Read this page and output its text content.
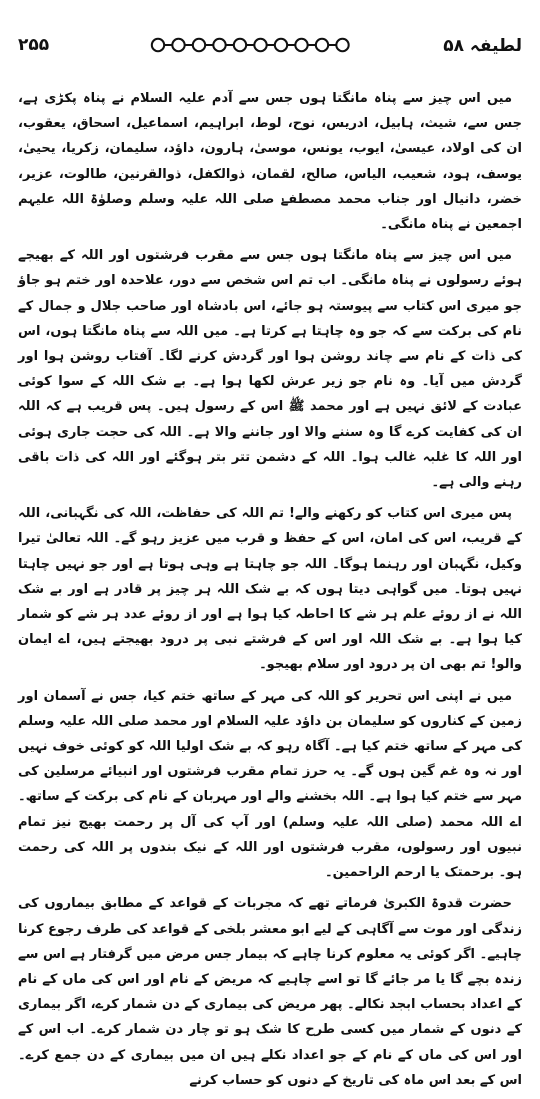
۲۵۵	لطیفہ ۵۸

میں اس چیز سے پناہ مانگتا ہوں جس سے آدم علیہ السلام نے پناہ پکڑی ہے، جس سے، شیث، ہابیل، ادریس، نوح، لوط، ابراہیم، اسماعیل، اسحاق، یعقوب، ان کی اولاد، عیسیٰ، ایوب، یونس، موسیٰ، ہارون، داؤد، سلیمان، زکریا، یحییٰ، یوسف، ہود، شعیب، الیاس، صالح، لقمان، ذوالکفل، ذوالقرنین، طالوت، عزیر، خضر، دانیال اور جناب محمد مصطفےٰ صلی اللہ علیہ وسلم وصلوٰۃ اللہ علیہم اجمعین نے پناہ مانگی۔

میں اس چیز سے پناہ مانگتا ہوں جس سے مقرب فرشتوں اور اللہ کے بھیجے ہوئے رسولوں نے پناہ مانگی۔ اب تم اس شخص سے دور، علاحدہ اور ختم ہو جاؤ جو میری اس کتاب سے پیوستہ ہو جائے، اس بادشاہ اور صاحب جلال و جمال کے نام کی برکت سے کہ جو وہ چاہتا ہے کرتا ہے۔ میں اللہ سے پناہ مانگتا ہوں، اس کی ذات کے نام سے چاند روشن ہوا اور گردش کرنے لگا۔ آفتاب روشن ہوا اور گردش میں آیا۔ وہ نام جو زیر عرش لکھا ہوا ہے۔ بے شک اللہ کے سوا کوئی عبادت کے لائق نہیں ہے اور محمد ﷺ اس کے رسول ہیں۔ پس قریب ہے کہ اللہ ان کی کفایت کرے گا وہ سننے والا اور جاننے والا ہے۔ اللہ کی حجت جاری ہوئی اور اللہ کا غلبہ غالب ہوا۔ اللہ کے دشمن تتر بتر ہوگئے اور اللہ کی ذات باقی رہنے والی ہے۔

پس میری اس کتاب کو رکھنے والے! تم اللہ کی حفاظت، اللہ کی نگہبانی، اللہ کے قریب، اس کی امان، اس کے حفظ و قرب میں عزیز رہو گے۔ اللہ تعالیٰ تیرا وکیل، نگہبان اور رہنما ہوگا۔ اللہ جو چاہتا ہے وہی ہوتا ہے اور جو نہیں چاہتا نہیں ہوتا۔ میں گواہی دیتا ہوں کہ بے شک اللہ ہر چیز پر قادر ہے اور بے شک اللہ نے از روئے علم ہر شے کا احاطہ کیا ہوا ہے اور از روئے عدد ہر شے کو شمار کیا ہوا ہے۔ بے شک اللہ اور اس کے فرشتے نبی پر درود بھیجتے ہیں، اے ایمان والو! تم بھی ان پر درود اور سلام بھیجو۔

میں نے اپنی اس تحریر کو اللہ کی مہر کے ساتھ ختم کیا، جس نے آسمان اور زمین کے کناروں کو سلیمان بن داؤد علیہ السلام اور محمد صلی اللہ علیہ وسلم کی مہر کے ساتھ ختم کیا ہے۔ آگاہ رہو کہ بے شک اولیا اللہ کو کوئی خوف نہیں اور نہ وہ غم گین ہوں گے۔ یہ حرز تمام مقرب فرشتوں اور انبیائے مرسلین کی مہر سے ختم کیا ہوا ہے۔ اللہ بخشنے والے اور مہربان کے نام کی برکت کے ساتھ۔ اے اللہ محمد (صلی اللہ علیہ وسلم) اور آپ کی آل پر رحمت بھیج نیز تمام نبیوں اور رسولوں، مقرب فرشتوں اور اللہ کے نیک بندوں پر اللہ کی رحمت ہو۔ برحمتک یا ارحم الراحمین۔

حضرت قدوۃ الکبریٰ فرماتے تھے کہ مجربات کے قواعد کے مطابق بیماروں کی زندگی اور موت سے آگاہی کے لیے ابو معشر بلخی کے قواعد کی طرف رجوع کرنا چاہیے۔ اگر کوئی یہ معلوم کرنا چاہے کہ بیمار جس مرض میں گرفتار ہے اس سے زندہ بچے گا یا مر جائے گا تو اسے چاہیے کہ مریض کے نام اور اس کی ماں کے نام کے اعداد بحساب ابجد نکالے۔ پھر مریض کی بیماری کے دن شمار کرے، اگر بیماری کے دنوں کے شمار میں کسی طرح کا شک ہو تو چار دن شمار کرے۔ اب اس کے اور اس کی ماں کے نام کے جو اعداد نکلے ہیں ان میں بیماری کے دن جمع کرے۔ اس کے بعد اس ماہ کی تاریخ کے دنوں کو حساب کرنے
